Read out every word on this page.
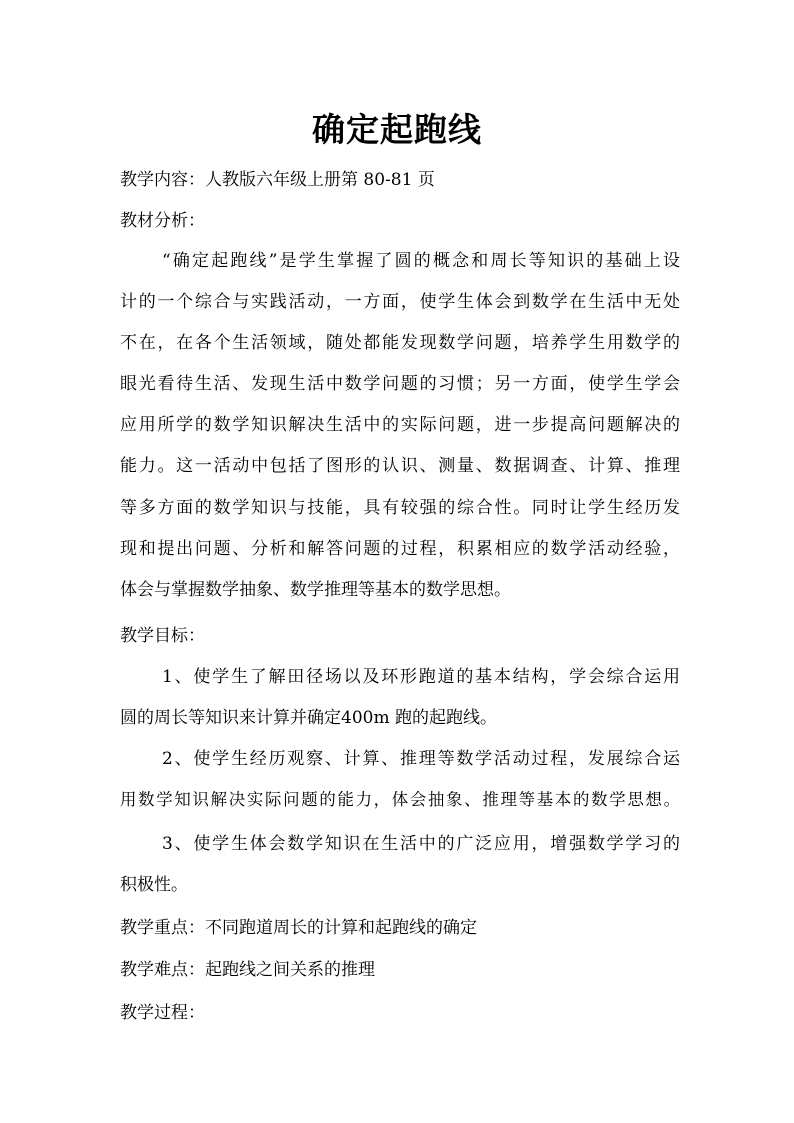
确定起跑线
教学内容：人教版六年级上册第 80-81 页
教材分析：
“确定起跑线”是学生掌握了圆的概念和周长等知识的基础上设
计的一个综合与实践活动，一方面，使学生体会到数学在生活中无处
不在，在各个生活领域，随处都能发现数学问题，培养学生用数学的
眼光看待生活、发现生活中数学问题的习惯；另一方面，使学生学会
应用所学的数学知识解决生活中的实际问题，进一步提高问题解决的
能力。这一活动中包括了图形的认识、测量、数据调查、计算、推理
等多方面的数学知识与技能，具有较强的综合性。同时让学生经历发
现和提出问题、分析和解答问题的过程，积累相应的数学活动经验，
体会与掌握数学抽象、数学推理等基本的数学思想。
教学目标：
1、使学生了解田径场以及环形跑道的基本结构，学会综合运用
圆的周长等知识来计算并确定400m 跑的起跑线。
2、使学生经历观察、计算、推理等数学活动过程，发展综合运
用数学知识解决实际问题的能力，体会抽象、推理等基本的数学思想。
3、使学生体会数学知识在生活中的广泛应用，增强数学学习的
积极性。
教学重点：不同跑道周长的计算和起跑线的确定
教学难点：起跑线之间关系的推理
教学过程：
